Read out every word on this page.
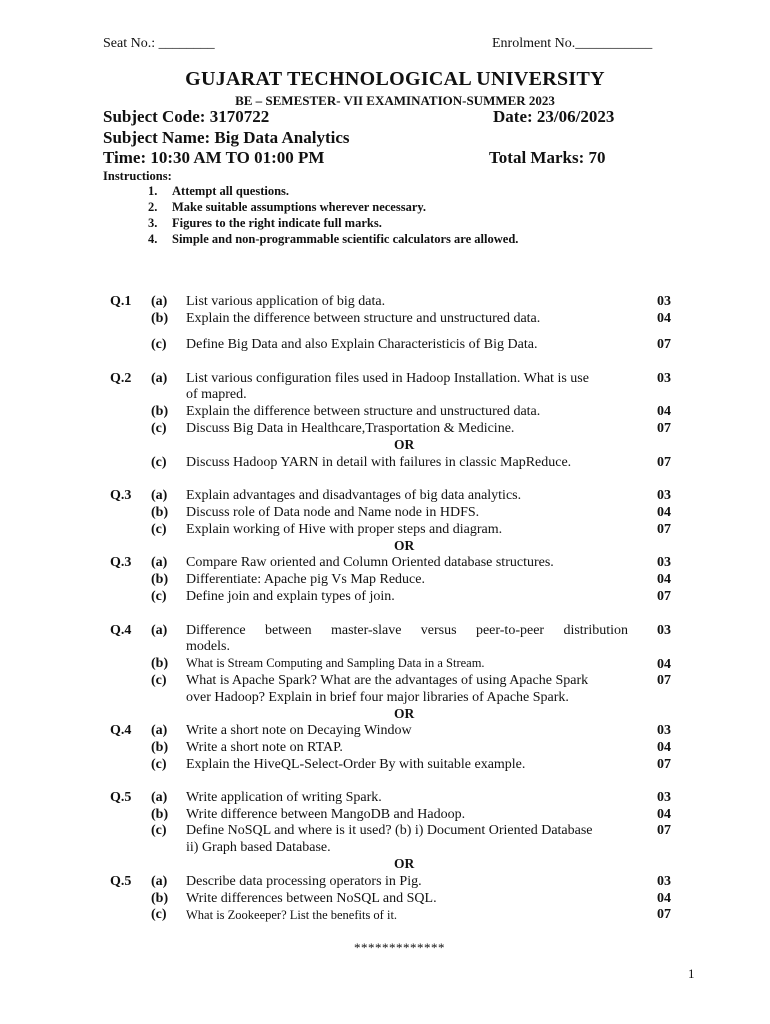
Seat No.: ________	Enrolment No.___________
GUJARAT TECHNOLOGICAL UNIVERSITY
BE – SEMESTER- VII EXAMINATION-SUMMER 2023
Subject Code: 3170722	Date: 23/06/2023
Subject Name: Big Data Analytics
Time: 10:30 AM TO 01:00 PM	Total Marks: 70
Instructions:
1. Attempt all questions.
2. Make suitable assumptions wherever necessary.
3. Figures to the right indicate full marks.
4. Simple and non-programmable scientific calculators are allowed.
Q.1 (a) List various application of big data.	03
(b) Explain the difference between structure and unstructured data.	04
(c) Define Big Data and also Explain Characteristicis of Big Data.	07
Q.2 (a) List various configuration files used in Hadoop Installation. What is use	03
of mapred.
(b) Explain the difference between structure and unstructured data.	04
(c) Discuss Big Data in Healthcare,Trasportation & Medicine.	07
OR
(c) Discuss Hadoop YARN in detail with failures in classic MapReduce.	07
Q.3 (a) Explain advantages and disadvantages of big data analytics.	03
(b) Discuss role of Data node and Name node in HDFS.	04
(c) Explain working of Hive with proper steps and diagram.	07
OR
Q.3 (a) Compare Raw oriented and Column Oriented database structures.	03
(b) Differentiate: Apache pig Vs Map Reduce.	04
(c) Define join and explain types of join.	07
Q.4 (a) Difference between master-slave versus peer-to-peer distribution 03
models.
(b) What is Stream Computing and Sampling Data in a Stream.	04
(c) What is Apache Spark? What are the advantages of using Apache Spark	07
over Hadoop? Explain in brief four major libraries of Apache Spark.
OR
Q.4 (a) Write a short note on Decaying Window	03
(b) Write a short note on RTAP.	04
(c) Explain the HiveQL-Select-Order By with suitable example.	07
Q.5 (a) Write application of writing Spark.	03
(b) Write difference between MangoDB and Hadoop.	04
(c) Define NoSQL and where is it used? (b) i) Document Oriented Database	07
ii) Graph based Database.
OR
Q.5 (a) Describe data processing operators in Pig.	03
(b) Write differences between NoSQL and SQL.	04
(c) What is Zookeeper? List the benefits of it.	07
*************
1
